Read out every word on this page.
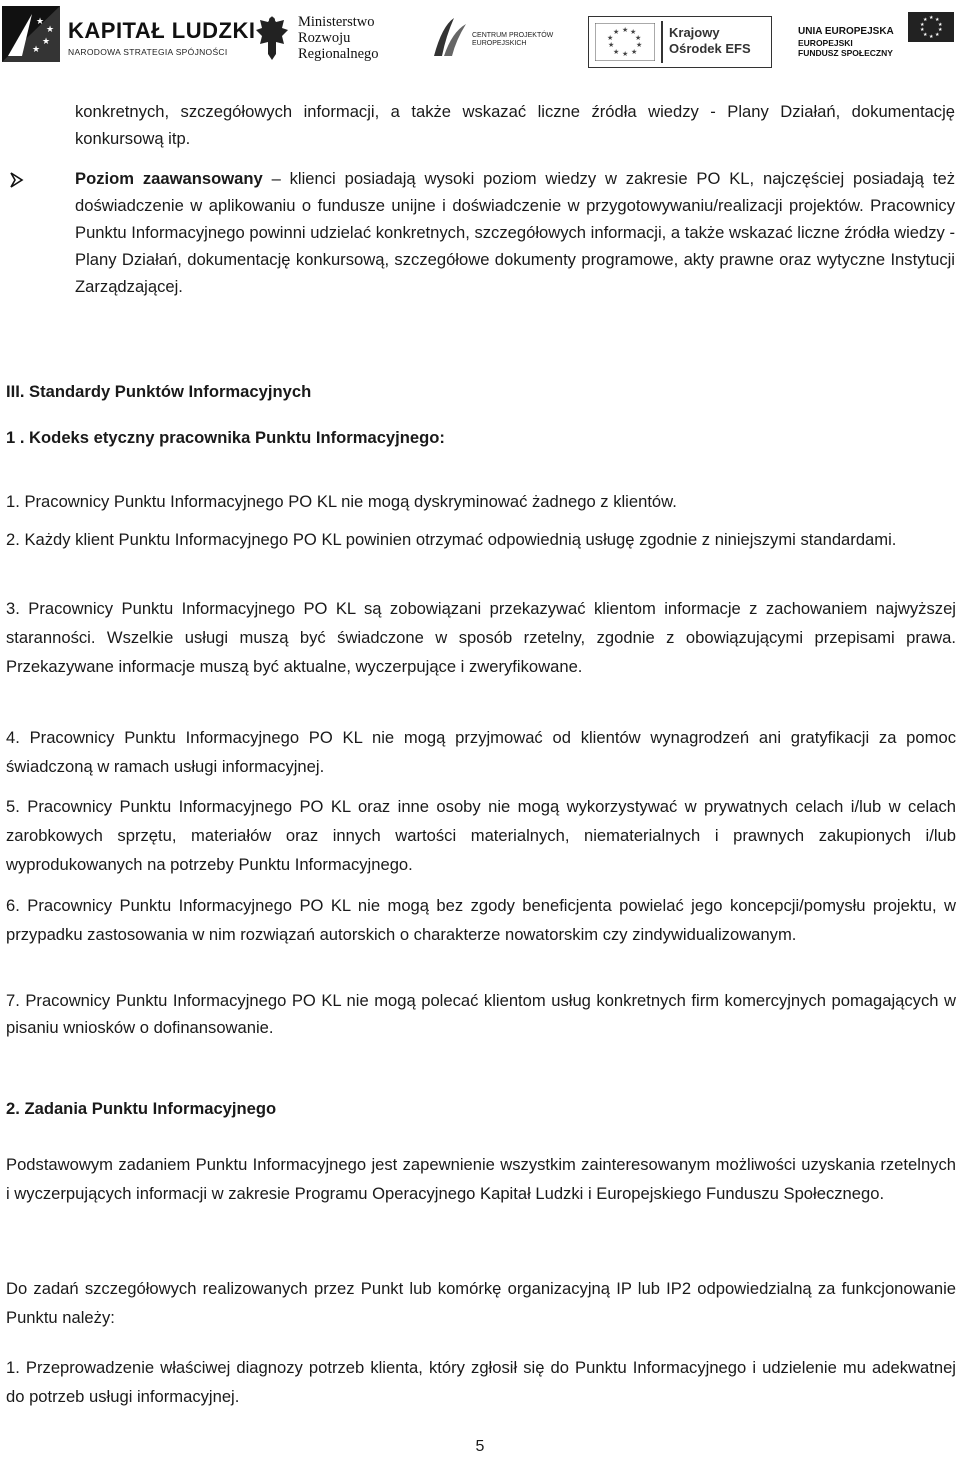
★
★
★
★
KAPITAŁ LUDZKI
NARODOWA STRATEGIA SPÓJNOŚCI
Ministerstwo
Rozwoju
Regionalnego
CENTRUM PROJEKTÓW
EUROPEJSKICH
★ ★
★
★
★
★
★
★
★
★	Krajowy
Ośrodek EFS
UNIA EUROPEJSKA
EUROPEJSKI
FUNDUSZ SPOŁECZNY
★ ★
★
★
★
★
★
★
★
★

konkretnych, szczegółowych informacji, a także wskazać liczne źródła wiedzy - Plany Działań, dokumentację konkursową itp.

Poziom zaawansowany – klienci posiadają wysoki poziom wiedzy w zakresie PO KL, najczęściej posiadają też doświadczenie w aplikowaniu o fundusze unijne i doświadczenie w przygotowywaniu/realizacji projektów. Pracownicy Punktu Informacyjnego powinni udzielać konkretnych, szczegółowych informacji, a także wskazać liczne źródła wiedzy - Plany Działań, dokumentację konkursową, szczegółowe dokumenty programowe, akty prawne oraz wytyczne Instytucji Zarządzającej.

III. Standardy Punktów Informacyjnych
1 . Kodeks etyczny pracownika Punktu Informacyjnego:

1. Pracownicy Punktu Informacyjnego PO KL nie mogą dyskryminować żadnego z klientów.

2. Każdy klient Punktu Informacyjnego PO KL powinien otrzymać odpowiednią usługę zgodnie z niniejszymi standardami.

3. Pracownicy Punktu Informacyjnego PO KL są zobowiązani przekazywać klientom informacje z zachowaniem najwyższej staranności. Wszelkie usługi muszą być świadczone w sposób rzetelny, zgodnie z obowiązującymi przepisami prawa. Przekazywane informacje muszą być aktualne, wyczerpujące i zweryfikowane.

4. Pracownicy Punktu Informacyjnego PO KL nie mogą przyjmować od klientów wynagrodzeń ani gratyfikacji za pomoc świadczoną w ramach usługi informacyjnej.

5. Pracownicy Punktu Informacyjnego PO KL oraz inne osoby nie mogą wykorzystywać w prywatnych celach i/lub w celach zarobkowych sprzętu, materiałów oraz innych wartości materialnych, niematerialnych i prawnych zakupionych i/lub wyprodukowanych na potrzeby Punktu Informacyjnego.

6. Pracownicy Punktu Informacyjnego PO KL nie mogą bez zgody beneficjenta powielać jego koncepcji/pomysłu projektu, w przypadku zastosowania w nim rozwiązań autorskich o charakterze nowatorskim czy zindywidualizowanym.

7. Pracownicy Punktu Informacyjnego PO KL nie mogą polecać klientom usług konkretnych firm komercyjnych pomagających w pisaniu wniosków o dofinansowanie.

2. Zadania Punktu Informacyjnego

Podstawowym zadaniem Punktu Informacyjnego jest zapewnienie wszystkim zainteresowanym możliwości uzyskania rzetelnych i wyczerpujących informacji w zakresie Programu Operacyjnego Kapitał Ludzki i Europejskiego Funduszu Społecznego.

Do zadań szczegółowych realizowanych przez Punkt lub komórkę organizacyjną IP lub IP2 odpowiedzialną za funkcjonowanie Punktu należy:

1. Przeprowadzenie właściwej diagnozy potrzeb klienta, który zgłosił się do Punktu Informacyjnego i udzielenie mu adekwatnej do potrzeb usługi informacyjnej.

5
